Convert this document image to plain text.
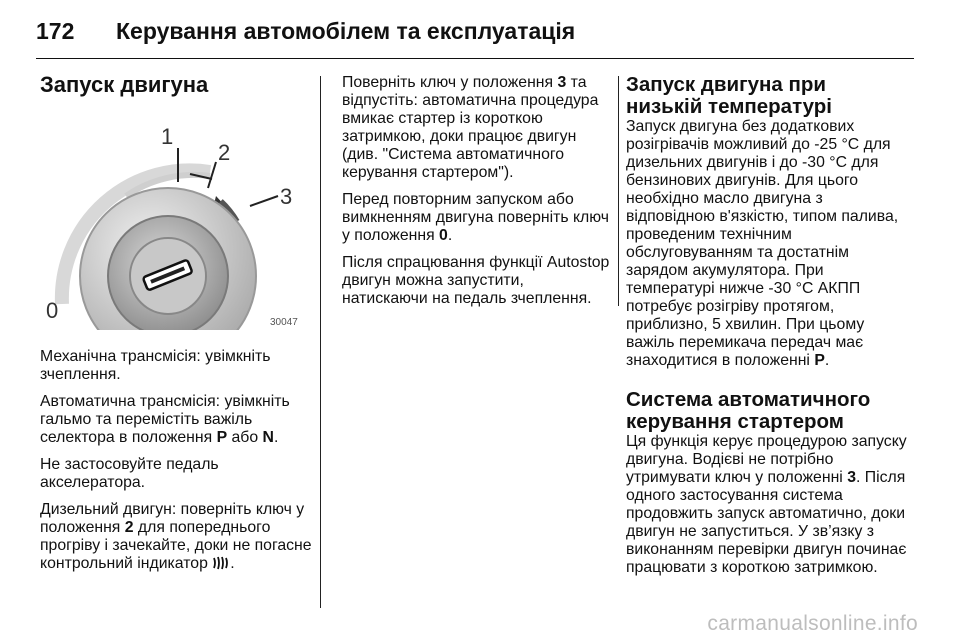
172 Керування автомобілем та експлуатація
Запуск двигуна
1
2
3
0	30047

Механічна трансмісія: увімкніть зчеплення.

Автоматична трансмісія: увімкніть гальмо та перемістіть важіль селектора в положення P або N.

Не застосовуйте педаль акселератора.

Дизельний двигун: поверніть ключ у положення 2 для попереднього прогріву і зачекайте, доки не погасне контрольний індикатор .

Поверніть ключ у положення 3 та відпустіть: автоматична процедура вмикає стартер із короткою затримкою, доки працює двигун (див. "Система автоматичного керування стартером").

Перед повторним запуском або вимкненням двигуна поверніть ключ у положення 0.

Після спрацювання функції Autostop двигун можна запустити, натискаючи на педаль зчеплення.

Запуск двигуна при низькій температурі

Запуск двигуна без додаткових розігрівачів можливий до -25 °C для дизельних двигунів і до -30 °C для бензинових двигунів. Для цього необхідно масло двигуна з відповідною в'язкістю, типом палива, проведеним технічним обслуговуванням та достатнім зарядом акумулятора. При температурі нижче -30 °C АКПП потребує розігріву протягом, приблизно, 5 хвилин. При цьому важіль перемикача передач має знаходитися в положенні P.

Система автоматичного керування стартером

Ця функція керує процедурою запуску двигуна. Водієві не потрібно утримувати ключ у положенні 3. Після одного застосування система продовжить запуск автоматично, доки двигун не запуститься. У зв’язку з виконанням перевірки двигун починає працювати з короткою затримкою.

carmanualsonline.info
